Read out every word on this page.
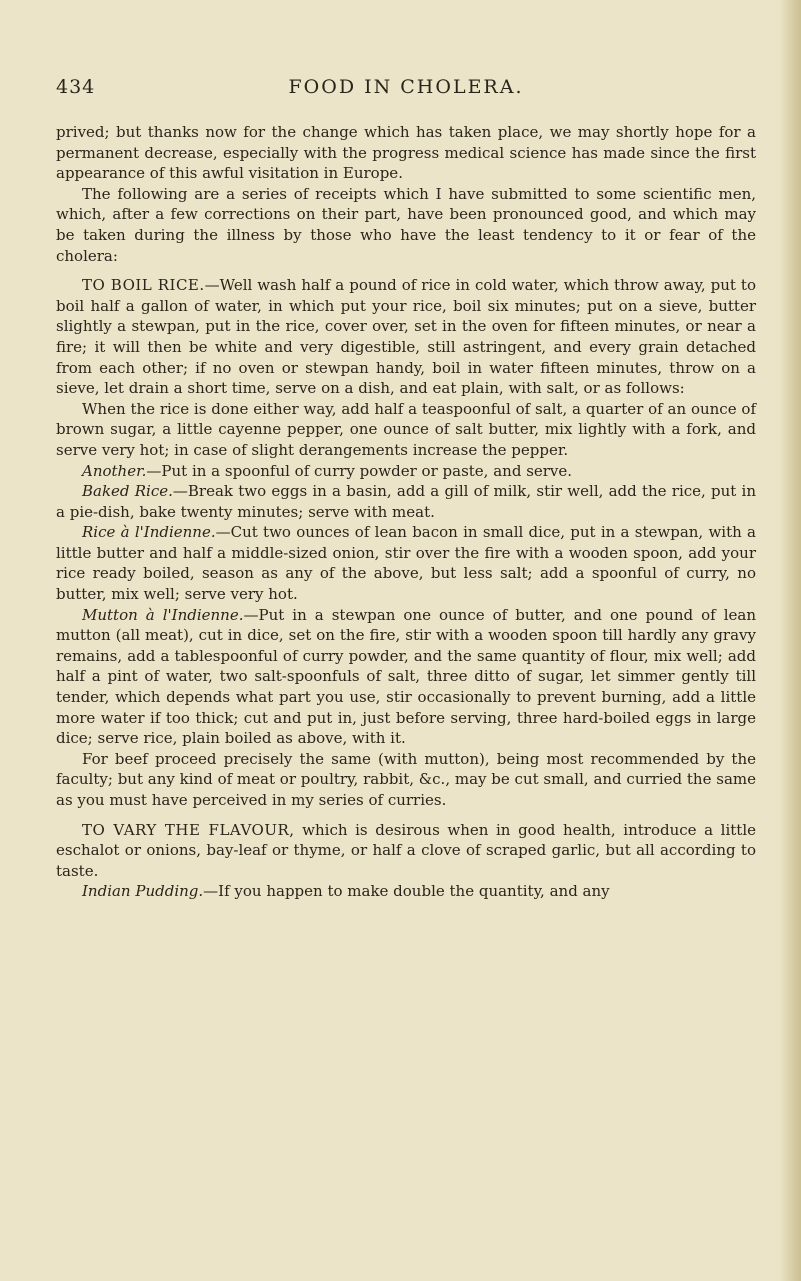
434	FOOD IN CHOLERA.

prived; but thanks now for the change which has taken place, we may shortly hope for a permanent decrease, especially with the progress medical science has made since the first appearance of this awful visitation in Europe.

The following are a series of receipts which I have submitted to some scientific men, which, after a few corrections on their part, have been pronounced good, and which may be taken during the illness by those who have the least tendency to it or fear of the cholera:

TO BOIL RICE.—Well wash half a pound of rice in cold water, which throw away, put to boil half a gallon of water, in which put your rice, boil six minutes; put on a sieve, butter slightly a stewpan, put in the rice, cover over, set in the oven for fifteen minutes, or near a fire; it will then be white and very digestible, still astringent, and every grain detached from each other; if no oven or stewpan handy, boil in water fifteen minutes, throw on a sieve, let drain a short time, serve on a dish, and eat plain, with salt, or as follows:

When the rice is done either way, add half a teaspoonful of salt, a quarter of an ounce of brown sugar, a little cayenne pepper, one ounce of salt butter, mix lightly with a fork, and serve very hot; in case of slight derangements increase the pepper.

Another.—Put in a spoonful of curry powder or paste, and serve.

Baked Rice.—Break two eggs in a basin, add a gill of milk, stir well, add the rice, put in a pie-dish, bake twenty minutes; serve with meat.

Rice à l'Indienne.—Cut two ounces of lean bacon in small dice, put in a stewpan, with a little butter and half a middle-sized onion, stir over the fire with a wooden spoon, add your rice ready boiled, season as any of the above, but less salt; add a spoonful of curry, no butter, mix well; serve very hot.

Mutton à l'Indienne.—Put in a stewpan one ounce of butter, and one pound of lean mutton (all meat), cut in dice, set on the fire, stir with a wooden spoon till hardly any gravy remains, add a tablespoonful of curry powder, and the same quantity of flour, mix well; add half a pint of water, two salt-spoonfuls of salt, three ditto of sugar, let simmer gently till tender, which depends what part you use, stir occasionally to prevent burning, add a little more water if too thick; cut and put in, just before serving, three hard-boiled eggs in large dice; serve rice, plain boiled as above, with it.

For beef proceed precisely the same (with mutton), being most recommended by the faculty; but any kind of meat or poultry, rabbit, &c., may be cut small, and curried the same as you must have perceived in my series of curries.

TO VARY THE FLAVOUR, which is desirous when in good health, introduce a little eschalot or onions, bay-leaf or thyme, or half a clove of scraped garlic, but all according to taste.

Indian Pudding.—If you happen to make double the quantity, and any
